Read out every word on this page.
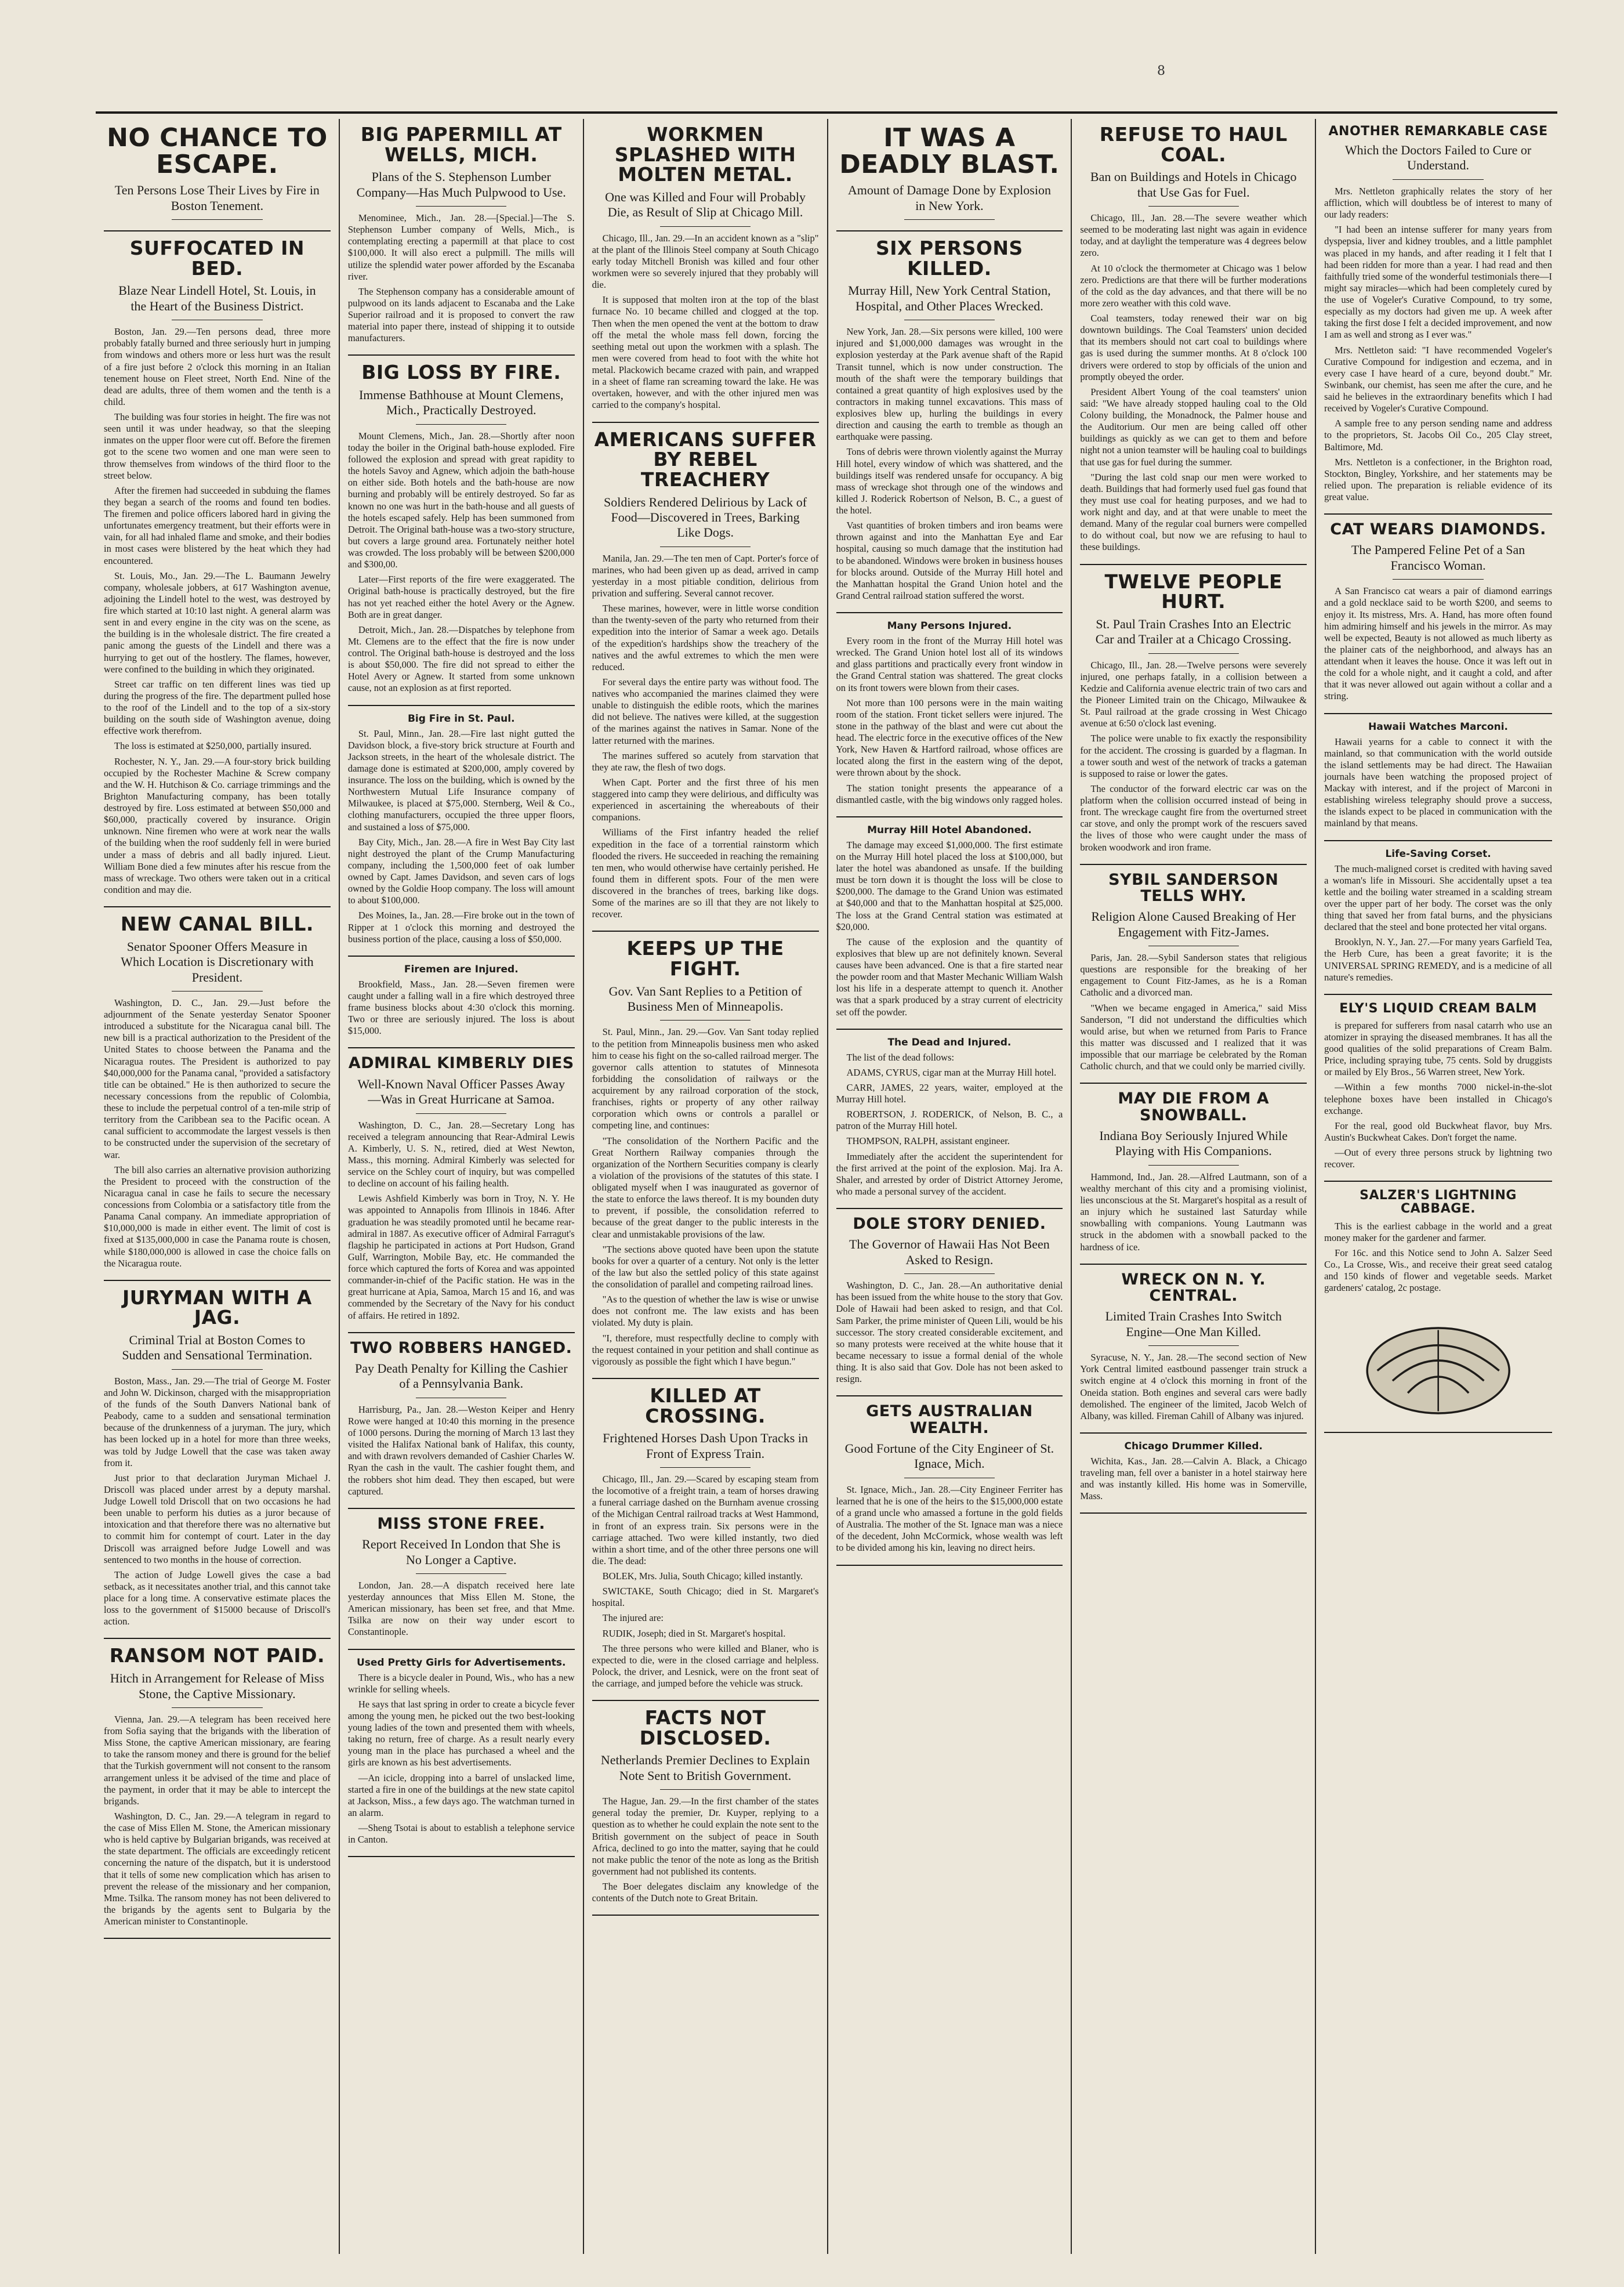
8
NO CHANCE TO ESCAPE.
Ten Persons Lose Their Lives by Fire in Boston Tenement.
SUFFOCATED IN BED.
Blaze Near Lindell Hotel, St. Louis, in the Heart of the Business District.

Boston, Jan. 29.—Ten persons dead, three more probably fatally burned and three seriously hurt in jumping from windows and others more or less hurt was the result of a fire just before 2 o'clock this morning in an Italian tenement house on Fleet street, North End. Nine of the dead are adults, three of them women and the tenth is a child.

The building was four stories in height. The fire was not seen until it was under headway, so that the sleeping inmates on the upper floor were cut off. Before the firemen got to the scene two women and one man were seen to throw themselves from windows of the third floor to the street below.

After the firemen had succeeded in subduing the flames they began a search of the rooms and found ten bodies. The firemen and police officers labored hard in giving the unfortunates emergency treatment, but their efforts were in vain, for all had inhaled flame and smoke, and their bodies in most cases were blistered by the heat which they had encountered.

St. Louis, Mo., Jan. 29.—The L. Baumann Jewelry company, wholesale jobbers, at 617 Washington avenue, adjoining the Lindell hotel to the west, was destroyed by fire which started at 10:10 last night. A general alarm was sent in and every engine in the city was on the scene, as the building is in the wholesale district. The fire created a panic among the guests of the Lindell and there was a hurrying to get out of the hostlery. The flames, however, were confined to the building in which they originated.

Street car traffic on ten different lines was tied up during the progress of the fire. The department pulled hose to the roof of the Lindell and to the top of a six-story building on the south side of Washington avenue, doing effective work therefrom.

The loss is estimated at $250,000, partially insured.

Rochester, N. Y., Jan. 29.—A four-story brick building occupied by the Rochester Machine & Screw company and the W. H. Hutchison & Co. carriage trimmings and the Brighton Manufacturing company, has been totally destroyed by fire. Loss estimated at between $50,000 and $60,000, practically covered by insurance. Origin unknown. Nine firemen who were at work near the walls of the building when the roof suddenly fell in were buried under a mass of debris and all badly injured. Lieut. William Bone died a few minutes after his rescue from the mass of wreckage. Two others were taken out in a critical condition and may die.

NEW CANAL BILL.
Senator Spooner Offers Measure in Which Location is Discretionary with President.

Washington, D. C., Jan. 29.—Just before the adjournment of the Senate yesterday Senator Spooner introduced a substitute for the Nicaragua canal bill. The new bill is a practical authorization to the President of the United States to choose between the Panama and the Nicaragua routes. The President is authorized to pay $40,000,000 for the Panama canal, "provided a satisfactory title can be obtained." He is then authorized to secure the necessary concessions from the republic of Colombia, these to include the perpetual control of a ten-mile strip of territory from the Caribbean sea to the Pacific ocean. A canal sufficient to accommodate the largest vessels is then to be constructed under the supervision of the secretary of war.

The bill also carries an alternative provision authorizing the President to proceed with the construction of the Nicaragua canal in case he fails to secure the necessary concessions from Colombia or a satisfactory title from the Panama Canal company. An immediate appropriation of $10,000,000 is made in either event. The limit of cost is fixed at $135,000,000 in case the Panama route is chosen, while $180,000,000 is allowed in case the choice falls on the Nicaragua route.

JURYMAN WITH A JAG.
Criminal Trial at Boston Comes to Sudden and Sensational Termination.

Boston, Mass., Jan. 29.—The trial of George M. Foster and John W. Dickinson, charged with the misappropriation of the funds of the South Danvers National bank of Peabody, came to a sudden and sensational termination because of the drunkenness of a juryman. The jury, which has been locked up in a hotel for more than three weeks, was told by Judge Lowell that the case was taken away from it.

Just prior to that declaration Juryman Michael J. Driscoll was placed under arrest by a deputy marshal. Judge Lowell told Driscoll that on two occasions he had been unable to perform his duties as a juror because of intoxication and that therefore there was no alternative but to commit him for contempt of court. Later in the day Driscoll was arraigned before Judge Lowell and was sentenced to two months in the house of correction.

The action of Judge Lowell gives the case a bad setback, as it necessitates another trial, and this cannot take place for a long time. A conservative estimate places the loss to the government of $15000 because of Driscoll's action.

RANSOM NOT PAID.
Hitch in Arrangement for Release of Miss Stone, the Captive Missionary.

Vienna, Jan. 29.—A telegram has been received here from Sofia saying that the brigands with the liberation of Miss Stone, the captive American missionary, are fearing to take the ransom money and there is ground for the belief that the Turkish government will not consent to the ransom arrangement unless it be advised of the time and place of the payment, in order that it may be able to intercept the brigands.

Washington, D. C., Jan. 29.—A telegram in regard to the case of Miss Ellen M. Stone, the American missionary who is held captive by Bulgarian brigands, was received at the state department. The officials are exceedingly reticent concerning the nature of the dispatch, but it is understood that it tells of some new complication which has arisen to prevent the release of the missionary and her companion, Mme. Tsilka. The ransom money has not been delivered to the brigands by the agents sent to Bulgaria by the American minister to Constantinople.

BIG PAPERMILL AT WELLS, MICH.
Plans of the S. Stephenson Lumber Company—Has Much Pulpwood to Use.

Menominee, Mich., Jan. 28.—[Special.]—The S. Stephenson Lumber company of Wells, Mich., is contemplating erecting a papermill at that place to cost $100,000. It will also erect a pulpmill. The mills will utilize the splendid water power afforded by the Escanaba river.

The Stephenson company has a considerable amount of pulpwood on its lands adjacent to Escanaba and the Lake Superior railroad and it is proposed to convert the raw material into paper there, instead of shipping it to outside manufacturers.

BIG LOSS BY FIRE.
Immense Bathhouse at Mount Clemens, Mich., Practically Destroyed.

Mount Clemens, Mich., Jan. 28.—Shortly after noon today the boiler in the Original bath-house exploded. Fire followed the explosion and spread with great rapidity to the hotels Savoy and Agnew, which adjoin the bath-house on either side. Both hotels and the bath-house are now burning and probably will be entirely destroyed. So far as known no one was hurt in the bath-house and all guests of the hotels escaped safely. Help has been summoned from Detroit. The Original bath-house was a two-story structure, but covers a large ground area. Fortunately neither hotel was crowded. The loss probably will be between $200,000 and $300,00.

Later—First reports of the fire were exaggerated. The Original bath-house is practically destroyed, but the fire has not yet reached either the hotel Avery or the Agnew. Both are in great danger.

Detroit, Mich., Jan. 28.—Dispatches by telephone from Mt. Clemens are to the effect that the fire is now under control. The Original bath-house is destroyed and the loss is about $50,000. The fire did not spread to either the Hotel Avery or Agnew. It started from some unknown cause, not an explosion as at first reported.

Big Fire in St. Paul.

St. Paul, Minn., Jan. 28.—Fire last night gutted the Davidson block, a five-story brick structure at Fourth and Jackson streets, in the heart of the wholesale district. The damage done is estimated at $200,000, amply covered by insurance. The loss on the building, which is owned by the Northwestern Mutual Life Insurance company of Milwaukee, is placed at $75,000. Sternberg, Weil & Co., clothing manufacturers, occupied the three upper floors, and sustained a loss of $75,000.

Bay City, Mich., Jan. 28.—A fire in West Bay City last night destroyed the plant of the Crump Manufacturing company, including the 1,500,000 feet of oak lumber owned by Capt. James Davidson, and seven cars of logs owned by the Goldie Hoop company. The loss will amount to about $100,000.

Des Moines, Ia., Jan. 28.—Fire broke out in the town of Ripper at 1 o'clock this morning and destroyed the business portion of the place, causing a loss of $50,000.

Firemen are Injured.

Brookfield, Mass., Jan. 28.—Seven firemen were caught under a falling wall in a fire which destroyed three frame business blocks about 4:30 o'clock this morning. Two or three are seriously injured. The loss is about $15,000.

ADMIRAL KIMBERLY DIES
Well-Known Naval Officer Passes Away—Was in Great Hurricane at Samoa.

Washington, D. C., Jan. 28.—Secretary Long has received a telegram announcing that Rear-Admiral Lewis A. Kimberly, U. S. N., retired, died at West Newton, Mass., this morning. Admiral Kimberly was selected for service on the Schley court of inquiry, but was compelled to decline on account of his failing health.

Lewis Ashfield Kimberly was born in Troy, N. Y. He was appointed to Annapolis from Illinois in 1846. After graduation he was steadily promoted until he became rear-admiral in 1887. As executive officer of Admiral Farragut's flagship he participated in actions at Port Hudson, Grand Gulf, Warrington, Mobile Bay, etc. He commanded the force which captured the forts of Korea and was appointed commander-in-chief of the Pacific station. He was in the great hurricane at Apia, Samoa, March 15 and 16, and was commended by the Secretary of the Navy for his conduct of affairs. He retired in 1892.

TWO ROBBERS HANGED.
Pay Death Penalty for Killing the Cashier of a Pennsylvania Bank.

Harrisburg, Pa., Jan. 28.—Weston Keiper and Henry Rowe were hanged at 10:40 this morning in the presence of 1000 persons. During the morning of March 13 last they visited the Halifax National bank of Halifax, this county, and with drawn revolvers demanded of Cashier Charles W. Ryan the cash in the vault. The cashier fought them, and the robbers shot him dead. They then escaped, but were captured.

MISS STONE FREE.
Report Received In London that She is No Longer a Captive.

London, Jan. 28.—A dispatch received here late yesterday announces that Miss Ellen M. Stone, the American missionary, has been set free, and that Mme. Tsilka are now on their way under escort to Constantinople.

Used Pretty Girls for Advertisements.

There is a bicycle dealer in Pound, Wis., who has a new wrinkle for selling wheels.

He says that last spring in order to create a bicycle fever among the young men, he picked out the two best-looking young ladies of the town and presented them with wheels, taking no return, free of charge. As a result nearly every young man in the place has purchased a wheel and the girls are known as his best advertisements.

—An icicle, dropping into a barrel of unslacked lime, started a fire in one of the buildings at the new state capitol at Jackson, Miss., a few days ago. The watchman turned in an alarm.

—Sheng Tsotai is about to establish a telephone service in Canton.

WORKMEN SPLASHED WITH MOLTEN METAL.
One was Killed and Four will Probably Die, as Result of Slip at Chicago Mill.

Chicago, Ill., Jan. 29.—In an accident known as a "slip" at the plant of the Illinois Steel company at South Chicago early today Mitchell Bronish was killed and four other workmen were so severely injured that they probably will die.

It is supposed that molten iron at the top of the blast furnace No. 10 became chilled and clogged at the top. Then when the men opened the vent at the bottom to draw off the metal the whole mass fell down, forcing the seething metal out upon the workmen with a splash. The men were covered from head to foot with the white hot metal. Plackowich became crazed with pain, and wrapped in a sheet of flame ran screaming toward the lake. He was overtaken, however, and with the other injured men was carried to the company's hospital.

AMERICANS SUFFER BY REBEL TREACHERY
Soldiers Rendered Delirious by Lack of Food—Discovered in Trees, Barking Like Dogs.

Manila, Jan. 29.—The ten men of Capt. Porter's force of marines, who had been given up as dead, arrived in camp yesterday in a most pitiable condition, delirious from privation and suffering. Several cannot recover.

These marines, however, were in little worse condition than the twenty-seven of the party who returned from their expedition into the interior of Samar a week ago. Details of the expedition's hardships show the treachery of the natives and the awful extremes to which the men were reduced.

For several days the entire party was without food. The natives who accompanied the marines claimed they were unable to distinguish the edible roots, which the marines did not believe. The natives were killed, at the suggestion of the marines against the natives in Samar. None of the latter returned with the marines.

The marines suffered so acutely from starvation that they ate raw, the flesh of two dogs.

When Capt. Porter and the first three of his men staggered into camp they were delirious, and difficulty was experienced in ascertaining the whereabouts of their companions.

Williams of the First infantry headed the relief expedition in the face of a torrential rainstorm which flooded the rivers. He succeeded in reaching the remaining ten men, who would otherwise have certainly perished. He found them in different spots. Four of the men were discovered in the branches of trees, barking like dogs. Some of the marines are so ill that they are not likely to recover.

KEEPS UP THE FIGHT.
Gov. Van Sant Replies to a Petition of Business Men of Minneapolis.

St. Paul, Minn., Jan. 29.—Gov. Van Sant today replied to the petition from Minneapolis business men who asked him to cease his fight on the so-called railroad merger. The governor calls attention to statutes of Minnesota forbidding the consolidation of railways or the acquirement by any railroad corporation of the stock, franchises, rights or property of any other railway corporation which owns or controls a parallel or competing line, and continues:

"The consolidation of the Northern Pacific and the Great Northern Railway companies through the organization of the Northern Securities company is clearly a violation of the provisions of the statutes of this state. I obligated myself when I was inaugurated as governor of the state to enforce the laws thereof. It is my bounden duty to prevent, if possible, the consolidation referred to because of the great danger to the public interests in the clear and unmistakable provisions of the law.

"The sections above quoted have been upon the statute books for over a quarter of a century. Not only is the letter of the law but also the settled policy of this state against the consolidation of parallel and competing railroad lines.

"As to the question of whether the law is wise or unwise does not confront me. The law exists and has been violated. My duty is plain.

"I, therefore, must respectfully decline to comply with the request contained in your petition and shall continue as vigorously as possible the fight which I have begun."

KILLED AT CROSSING.
Frightened Horses Dash Upon Tracks in Front of Express Train.

Chicago, Ill., Jan. 29.—Scared by escaping steam from the locomotive of a freight train, a team of horses drawing a funeral carriage dashed on the Burnham avenue crossing of the Michigan Central railroad tracks at West Hammond, in front of an express train. Six persons were in the carriage attached. Two were killed instantly, two died within a short time, and of the other three persons one will die. The dead:

BOLEK, Mrs. Julia, South Chicago; killed instantly.

SWICTAKE, South Chicago; died in St. Margaret's hospital.

The injured are:

RUDIK, Joseph; died in St. Margaret's hospital.

The three persons who were killed and Blaner, who is expected to die, were in the closed carriage and helpless. Polock, the driver, and Lesnick, were on the front seat of the carriage, and jumped before the vehicle was struck.

FACTS NOT DISCLOSED.
Netherlands Premier Declines to Explain Note Sent to British Government.

The Hague, Jan. 29.—In the first chamber of the states general today the premier, Dr. Kuyper, replying to a question as to whether he could explain the note sent to the British government on the subject of peace in South Africa, declined to go into the matter, saying that he could not make public the tenor of the note as long as the British government had not published its contents.

The Boer delegates disclaim any knowledge of the contents of the Dutch note to Great Britain.

IT WAS A DEADLY BLAST.
Amount of Damage Done by Explosion in New York.
SIX PERSONS KILLED.
Murray Hill, New York Central Station, Hospital, and Other Places Wrecked.

New York, Jan. 28.—Six persons were killed, 100 were injured and $1,000,000 damages was wrought in the explosion yesterday at the Park avenue shaft of the Rapid Transit tunnel, which is now under construction. The mouth of the shaft were the temporary buildings that contained a great quantity of high explosives used by the contractors in making tunnel excavations. This mass of explosives blew up, hurling the buildings in every direction and causing the earth to tremble as though an earthquake were passing.

Tons of debris were thrown violently against the Murray Hill hotel, every window of which was shattered, and the buildings itself was rendered unsafe for occupancy. A big mass of wreckage shot through one of the windows and killed J. Roderick Robertson of Nelson, B. C., a guest of the hotel.

Vast quantities of broken timbers and iron beams were thrown against and into the Manhattan Eye and Ear hospital, causing so much damage that the institution had to be abandoned. Windows were broken in business houses for blocks around. Outside of the Murray Hill hotel and the Manhattan hospital the Grand Union hotel and the Grand Central railroad station suffered the worst.

Many Persons Injured.

Every room in the front of the Murray Hill hotel was wrecked. The Grand Union hotel lost all of its windows and glass partitions and practically every front window in the Grand Central station was shattered. The great clocks on its front towers were blown from their cases.

Not more than 100 persons were in the main waiting room of the station. Front ticket sellers were injured. The stone in the pathway of the blast and were cut about the head. The electric force in the executive offices of the New York, New Haven & Hartford railroad, whose offices are located along the first in the eastern wing of the depot, were thrown about by the shock.

The station tonight presents the appearance of a dismantled castle, with the big windows only ragged holes.

Murray Hill Hotel Abandoned.

The damage may exceed $1,000,000. The first estimate on the Murray Hill hotel placed the loss at $100,000, but later the hotel was abandoned as unsafe. If the building must be torn down it is thought the loss will be close to $200,000. The damage to the Grand Union was estimated at $40,000 and that to the Manhattan hospital at $25,000. The loss at the Grand Central station was estimated at $20,000.

The cause of the explosion and the quantity of explosives that blew up are not definitely known. Several causes have been advanced. One is that a fire started near the powder room and that Master Mechanic William Walsh lost his life in a desperate attempt to quench it. Another was that a spark produced by a stray current of electricity set off the powder.

The Dead and Injured.

The list of the dead follows:

ADAMS, CYRUS, cigar man at the Murray Hill hotel.

CARR, JAMES, 22 years, waiter, employed at the Murray Hill hotel.

ROBERTSON, J. RODERICK, of Nelson, B. C., a patron of the Murray Hill hotel.

THOMPSON, RALPH, assistant engineer.

Immediately after the accident the superintendent for the first arrived at the point of the explosion. Maj. Ira A. Shaler, and arrested by order of District Attorney Jerome, who made a personal survey of the accident.

DOLE STORY DENIED.
The Governor of Hawaii Has Not Been Asked to Resign.

Washington, D. C., Jan. 28.—An authoritative denial has been issued from the white house to the story that Gov. Dole of Hawaii had been asked to resign, and that Col. Sam Parker, the prime minister of Queen Lili, would be his successor. The story created considerable excitement, and so many protests were received at the white house that it became necessary to issue a formal denial of the whole thing. It is also said that Gov. Dole has not been asked to resign.

GETS AUSTRALIAN WEALTH.
Good Fortune of the City Engineer of St. Ignace, Mich.

St. Ignace, Mich., Jan. 28.—City Engineer Ferriter has learned that he is one of the heirs to the $15,000,000 estate of a grand uncle who amassed a fortune in the gold fields of Australia. The mother of the St. Ignace man was a niece of the decedent, John McCormick, whose wealth was left to be divided among his kin, leaving no direct heirs.

REFUSE TO HAUL COAL.
Ban on Buildings and Hotels in Chicago that Use Gas for Fuel.

Chicago, Ill., Jan. 28.—The severe weather which seemed to be moderating last night was again in evidence today, and at daylight the temperature was 4 degrees below zero.

At 10 o'clock the thermometer at Chicago was 1 below zero. Predictions are that there will be further moderations of the cold as the day advances, and that there will be no more zero weather with this cold wave.

Coal teamsters, today renewed their war on big downtown buildings. The Coal Teamsters' union decided that its members should not cart coal to buildings where gas is used during the summer months. At 8 o'clock 100 drivers were ordered to stop by officials of the union and promptly obeyed the order.

President Albert Young of the coal teamsters' union said: "We have already stopped hauling coal to the Old Colony building, the Monadnock, the Palmer house and the Auditorium. Our men are being called off other buildings as quickly as we can get to them and before night not a union teamster will be hauling coal to buildings that use gas for fuel during the summer.

"During the last cold snap our men were worked to death. Buildings that had formerly used fuel gas found that they must use coal for heating purposes, and we had to work night and day, and at that were unable to meet the demand. Many of the regular coal burners were compelled to do without coal, but now we are refusing to haul to these buildings.

TWELVE PEOPLE HURT.
St. Paul Train Crashes Into an Electric Car and Trailer at a Chicago Crossing.

Chicago, Ill., Jan. 28.—Twelve persons were severely injured, one perhaps fatally, in a collision between a Kedzie and California avenue electric train of two cars and the Pioneer Limited train on the Chicago, Milwaukee & St. Paul railroad at the grade crossing in West Chicago avenue at 6:50 o'clock last evening.

The police were unable to fix exactly the responsibility for the accident. The crossing is guarded by a flagman. In a tower south and west of the network of tracks a gateman is supposed to raise or lower the gates.

The conductor of the forward electric car was on the platform when the collision occurred instead of being in front. The wreckage caught fire from the overturned street car stove, and only the prompt work of the rescuers saved the lives of those who were caught under the mass of broken woodwork and iron frame.

SYBIL SANDERSON TELLS WHY.
Religion Alone Caused Breaking of Her Engagement with Fitz-James.

Paris, Jan. 28.—Sybil Sanderson states that religious questions are responsible for the breaking of her engagement to Count Fitz-James, as he is a Roman Catholic and a divorced man.

"When we became engaged in America," said Miss Sanderson, "I did not understand the difficulties which would arise, but when we returned from Paris to France this matter was discussed and I realized that it was impossible that our marriage be celebrated by the Roman Catholic church, and that we could only be married civilly.

MAY DIE FROM A SNOWBALL.
Indiana Boy Seriously Injured While Playing with His Companions.

Hammond, Ind., Jan. 28.—Alfred Lautmann, son of a wealthy merchant of this city and a promising violinist, lies unconscious at the St. Margaret's hospital as a result of an injury which he sustained last Saturday while snowballing with companions. Young Lautmann was struck in the abdomen with a snowball packed to the hardness of ice.

WRECK ON N. Y. CENTRAL.
Limited Train Crashes Into Switch Engine—One Man Killed.

Syracuse, N. Y., Jan. 28.—The second section of New York Central limited eastbound passenger train struck a switch engine at 4 o'clock this morning in front of the Oneida station. Both engines and several cars were badly demolished. The engineer of the limited, Jacob Welch of Albany, was killed. Fireman Cahill of Albany was injured.

Chicago Drummer Killed.

Wichita, Kas., Jan. 28.—Calvin A. Black, a Chicago traveling man, fell over a banister in a hotel stairway here and was instantly killed. His home was in Somerville, Mass.

ANOTHER REMARKABLE CASE
Which the Doctors Failed to Cure or Understand.

Mrs. Nettleton graphically relates the story of her affliction, which will doubtless be of interest to many of our lady readers:

"I had been an intense sufferer for many years from dyspepsia, liver and kidney troubles, and a little pamphlet was placed in my hands, and after reading it I felt that I had been ridden for more than a year. I had read and then faithfully tried some of the wonderful testimonials there—I might say miracles—which had been completely cured by the use of Vogeler's Curative Compound, to try some, especially as my doctors had given me up. A week after taking the first dose I felt a decided improvement, and now I am as well and strong as I ever was."

Mrs. Nettleton said: "I have recommended Vogeler's Curative Compound for indigestion and eczema, and in every case I have heard of a cure, beyond doubt." Mr. Swinbank, our chemist, has seen me after the cure, and he said he believes in the extraordinary benefits which I had received by Vogeler's Curative Compound.

A sample free to any person sending name and address to the proprietors, St. Jacobs Oil Co., 205 Clay street, Baltimore, Md.

Mrs. Nettleton is a confectioner, in the Brighton road, Stockton, Bingley, Yorkshire, and her statements may be relied upon. The preparation is reliable evidence of its great value.

CAT WEARS DIAMONDS.
The Pampered Feline Pet of a San Francisco Woman.

A San Francisco cat wears a pair of diamond earrings and a gold necklace said to be worth $200, and seems to enjoy it. Its mistress, Mrs. A. Hand, has more often found him admiring himself and his jewels in the mirror. As may well be expected, Beauty is not allowed as much liberty as the plainer cats of the neighborhood, and always has an attendant when it leaves the house. Once it was left out in the cold for a whole night, and it caught a cold, and after that it was never allowed out again without a collar and a string.

Hawaii Watches Marconi.

Hawaii yearns for a cable to connect it with the mainland, so that communication with the world outside the island settlements may be had direct. The Hawaiian journals have been watching the proposed project of Mackay with interest, and if the project of Marconi in establishing wireless telegraphy should prove a success, the islands expect to be placed in communication with the mainland by that means.

Life-Saving Corset.

The much-maligned corset is credited with having saved a woman's life in Missouri. She accidentally upset a tea kettle and the boiling water streamed in a scalding stream over the upper part of her body. The corset was the only thing that saved her from fatal burns, and the physicians declared that the steel and bone protected her vital organs.

Brooklyn, N. Y., Jan. 27.—For many years Garfield Tea, the Herb Cure, has been a great favorite; it is the UNIVERSAL SPRING REMEDY, and is a medicine of all nature's remedies.

ELY'S LIQUID CREAM BALM

is prepared for sufferers from nasal catarrh who use an atomizer in spraying the diseased membranes. It has all the good qualities of the solid preparations of Cream Balm. Price, including spraying tube, 75 cents. Sold by druggists or mailed by Ely Bros., 56 Warren street, New York.

—Within a few months 7000 nickel-in-the-slot telephone boxes have been installed in Chicago's exchange.

For the real, good old Buckwheat flavor, buy Mrs. Austin's Buckwheat Cakes. Don't forget the name.

—Out of every three persons struck by lightning two recover.

SALZER'S LIGHTNING CABBAGE.

This is the earliest cabbage in the world and a great money maker for the gardener and farmer.

For 16c. and this Notice send to John A. Salzer Seed Co., La Crosse, Wis., and receive their great seed catalog and 150 kinds of flower and vegetable seeds. Market gardeners' catalog, 2c postage.
